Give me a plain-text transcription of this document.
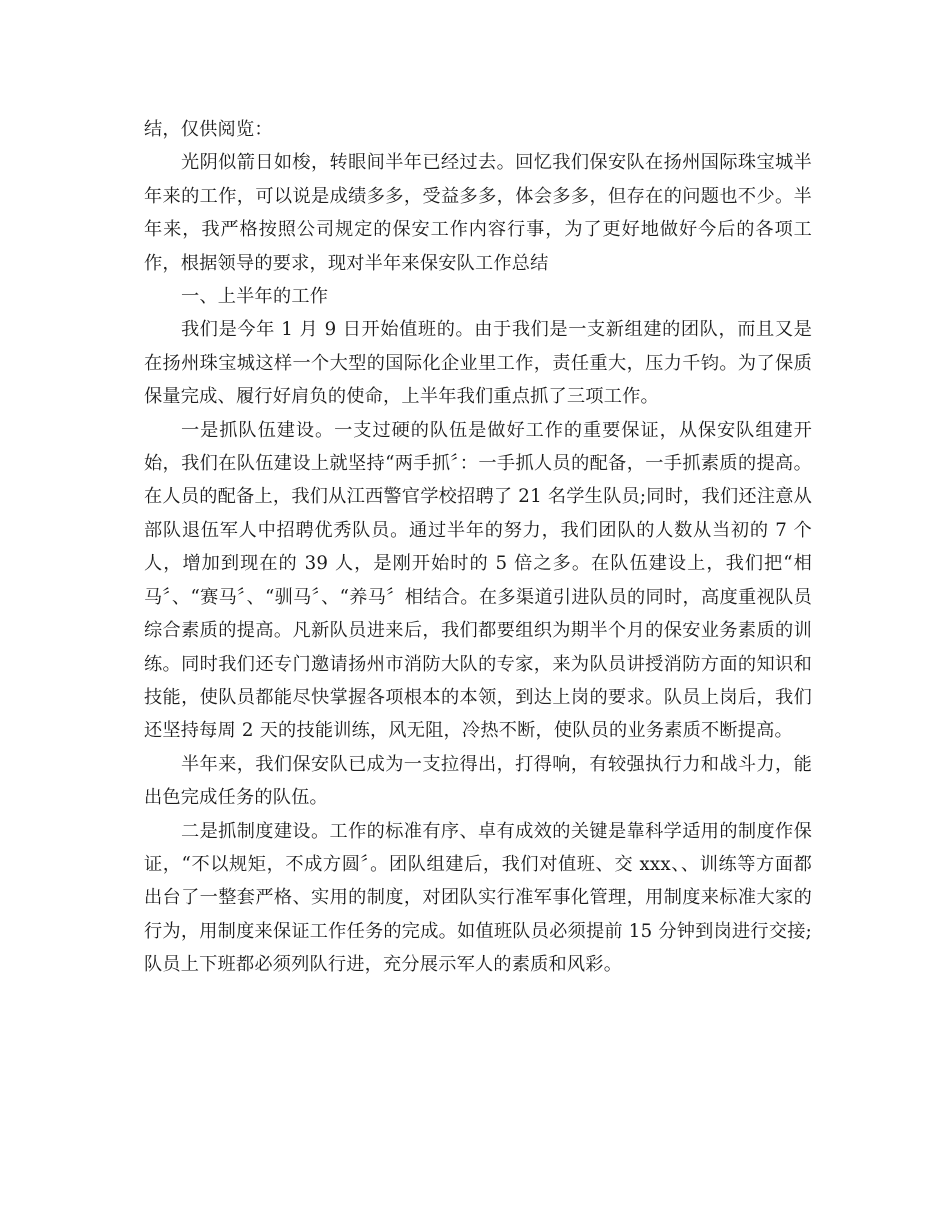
结，仅供阅览：

光阴似箭日如梭，转眼间半年已经过去。回忆我们保安队在扬州国际珠宝城半年来的工作，可以说是成绩多多，受益多多，体会多多，但存在的问题也不少。半年来，我严格按照公司规定的保安工作内容行事，为了更好地做好今后的各项工作，根据领导的要求，现对半年来保安队工作总结

一、上半年的工作

我们是今年 1 月 9 日开始值班的。由于我们是一支新组建的团队，而且又是在扬州珠宝城这样一个大型的国际化企业里工作，责任重大，压力千钧。为了保质保量完成、履行好肩负的使命，上半年我们重点抓了三项工作。

一是抓队伍建设。一支过硬的队伍是做好工作的重要保证，从保安队组建开始，我们在队伍建设上就坚持“两手抓〞：一手抓人员的配备，一手抓素质的提高。在人员的配备上，我们从江西警官学校招聘了 21 名学生队员;同时，我们还注意从部队退伍军人中招聘优秀队员。通过半年的努力，我们团队的人数从当初的 7 个人，增加到现在的 39 人，是刚开始时的 5 倍之多。在队伍建设上，我们把“相马〞、“赛马〞、“驯马〞、“养马〞相结合。在多渠道引进队员的同时，高度重视队员综合素质的提高。凡新队员进来后，我们都要组织为期半个月的保安业务素质的训练。同时我们还专门邀请扬州市消防大队的专家，来为队员讲授消防方面的知识和技能，使队员都能尽快掌握各项根本的本领，到达上岗的要求。队员上岗后，我们还坚持每周 2 天的技能训练，风无阻，冷热不断，使队员的业务素质不断提高。

半年来，我们保安队已成为一支拉得出，打得响，有较强执行力和战斗力，能出色完成任务的队伍。

二是抓制度建设。工作的标准有序、卓有成效的关键是靠科学适用的制度作保证，“不以规矩，不成方圆〞。团队组建后，我们对值班、交 xxx、、训练等方面都出台了一整套严格、实用的制度，对团队实行准军事化管理，用制度来标准大家的行为，用制度来保证工作任务的完成。如值班队员必须提前 15 分钟到岗进行交接;队员上下班都必须列队行进，充分展示军人的素质和风彩。
